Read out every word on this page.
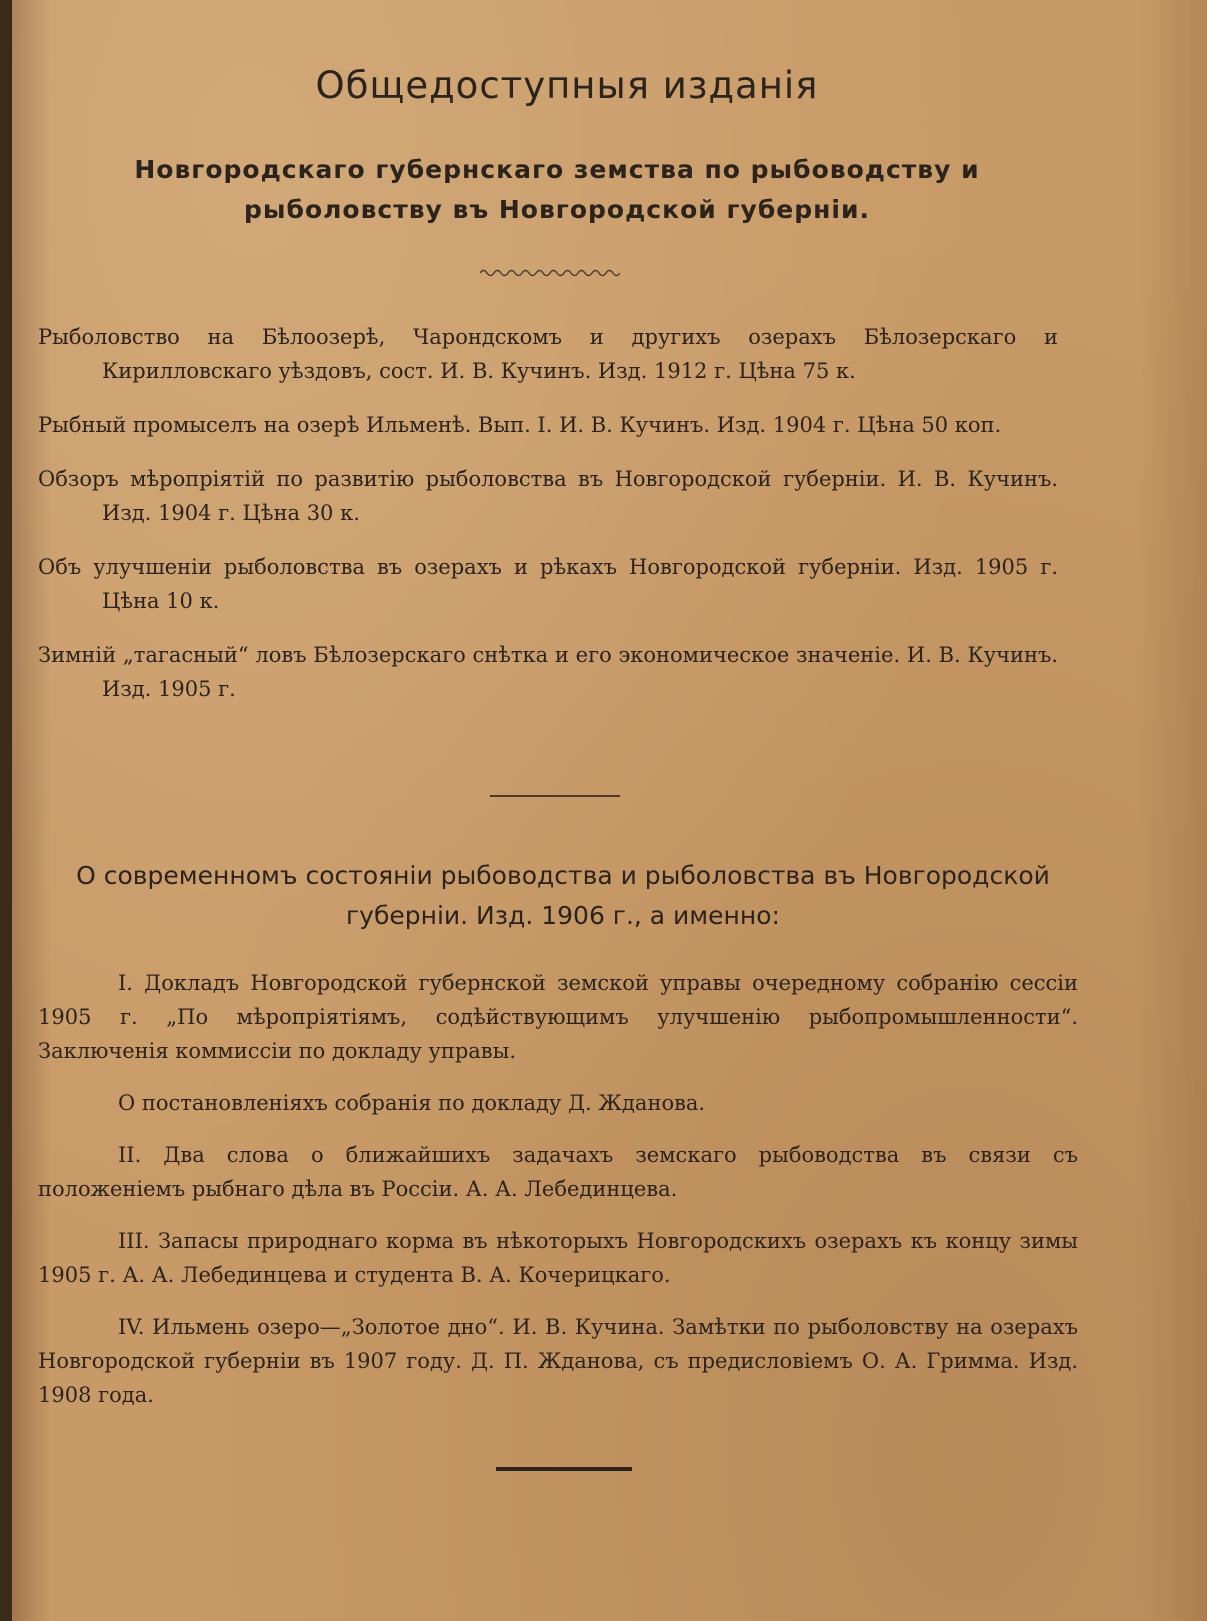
Общедоступныя изданія
Новгородскаго губернскаго земства по рыбоводству и
рыболовству въ Новгородской губерніи.

Рыболовство на Бѣлоозерѣ, Чарондскомъ и другихъ озерахъ Бѣлозерскаго и Кирилловскаго уѣздовъ, сост. И. В. Кучинъ. Изд. 1912 г. Цѣна 75 к.

Рыбный промыселъ на озерѣ Ильменѣ. Вып. I. И. В. Кучинъ. Изд. 1904 г. Цѣна 50 коп.

Обзоръ мѣропріятій по развитію рыболовства въ Новгородской губерніи. И. В. Кучинъ. Изд. 1904 г. Цѣна 30 к.

Объ улучшеніи рыболовства въ озерахъ и рѣкахъ Новгородской губерніи. Изд. 1905 г. Цѣна 10 к.

Зимній „тагасный“ ловъ Бѣлозерскаго снѣтка и его экономическое значеніе. И. В. Кучинъ. Изд. 1905 г.

О современномъ состояніи рыбоводства и рыболовства въ Новгородской
губерніи. Изд. 1906 г., а именно:

I. Докладъ Новгородской губернской земской управы очередному собранію сессіи 1905 г. „По мѣропріятіямъ, содѣйствующимъ улучшенію рыбопромышленности“. Заключенія коммиссіи по докладу управы.

О постановленіяхъ собранія по докладу Д. Жданова.

II. Два слова о ближайшихъ задачахъ земскаго рыбоводства въ связи съ положеніемъ рыбнаго дѣла въ Россіи. А. А. Лебединцева.

III. Запасы природнаго корма въ нѣкоторыхъ Новгородскихъ озерахъ къ концу зимы 1905 г. А. А. Лебединцева и студента В. А. Кочерицкаго.

IV. Ильмень озеро—„Золотое дно“. И. В. Кучина. Замѣтки по рыболовству на озерахъ Новгородской губерніи въ 1907 году. Д. П. Жданова, съ предисловіемъ О. А. Гримма. Изд. 1908 года.
